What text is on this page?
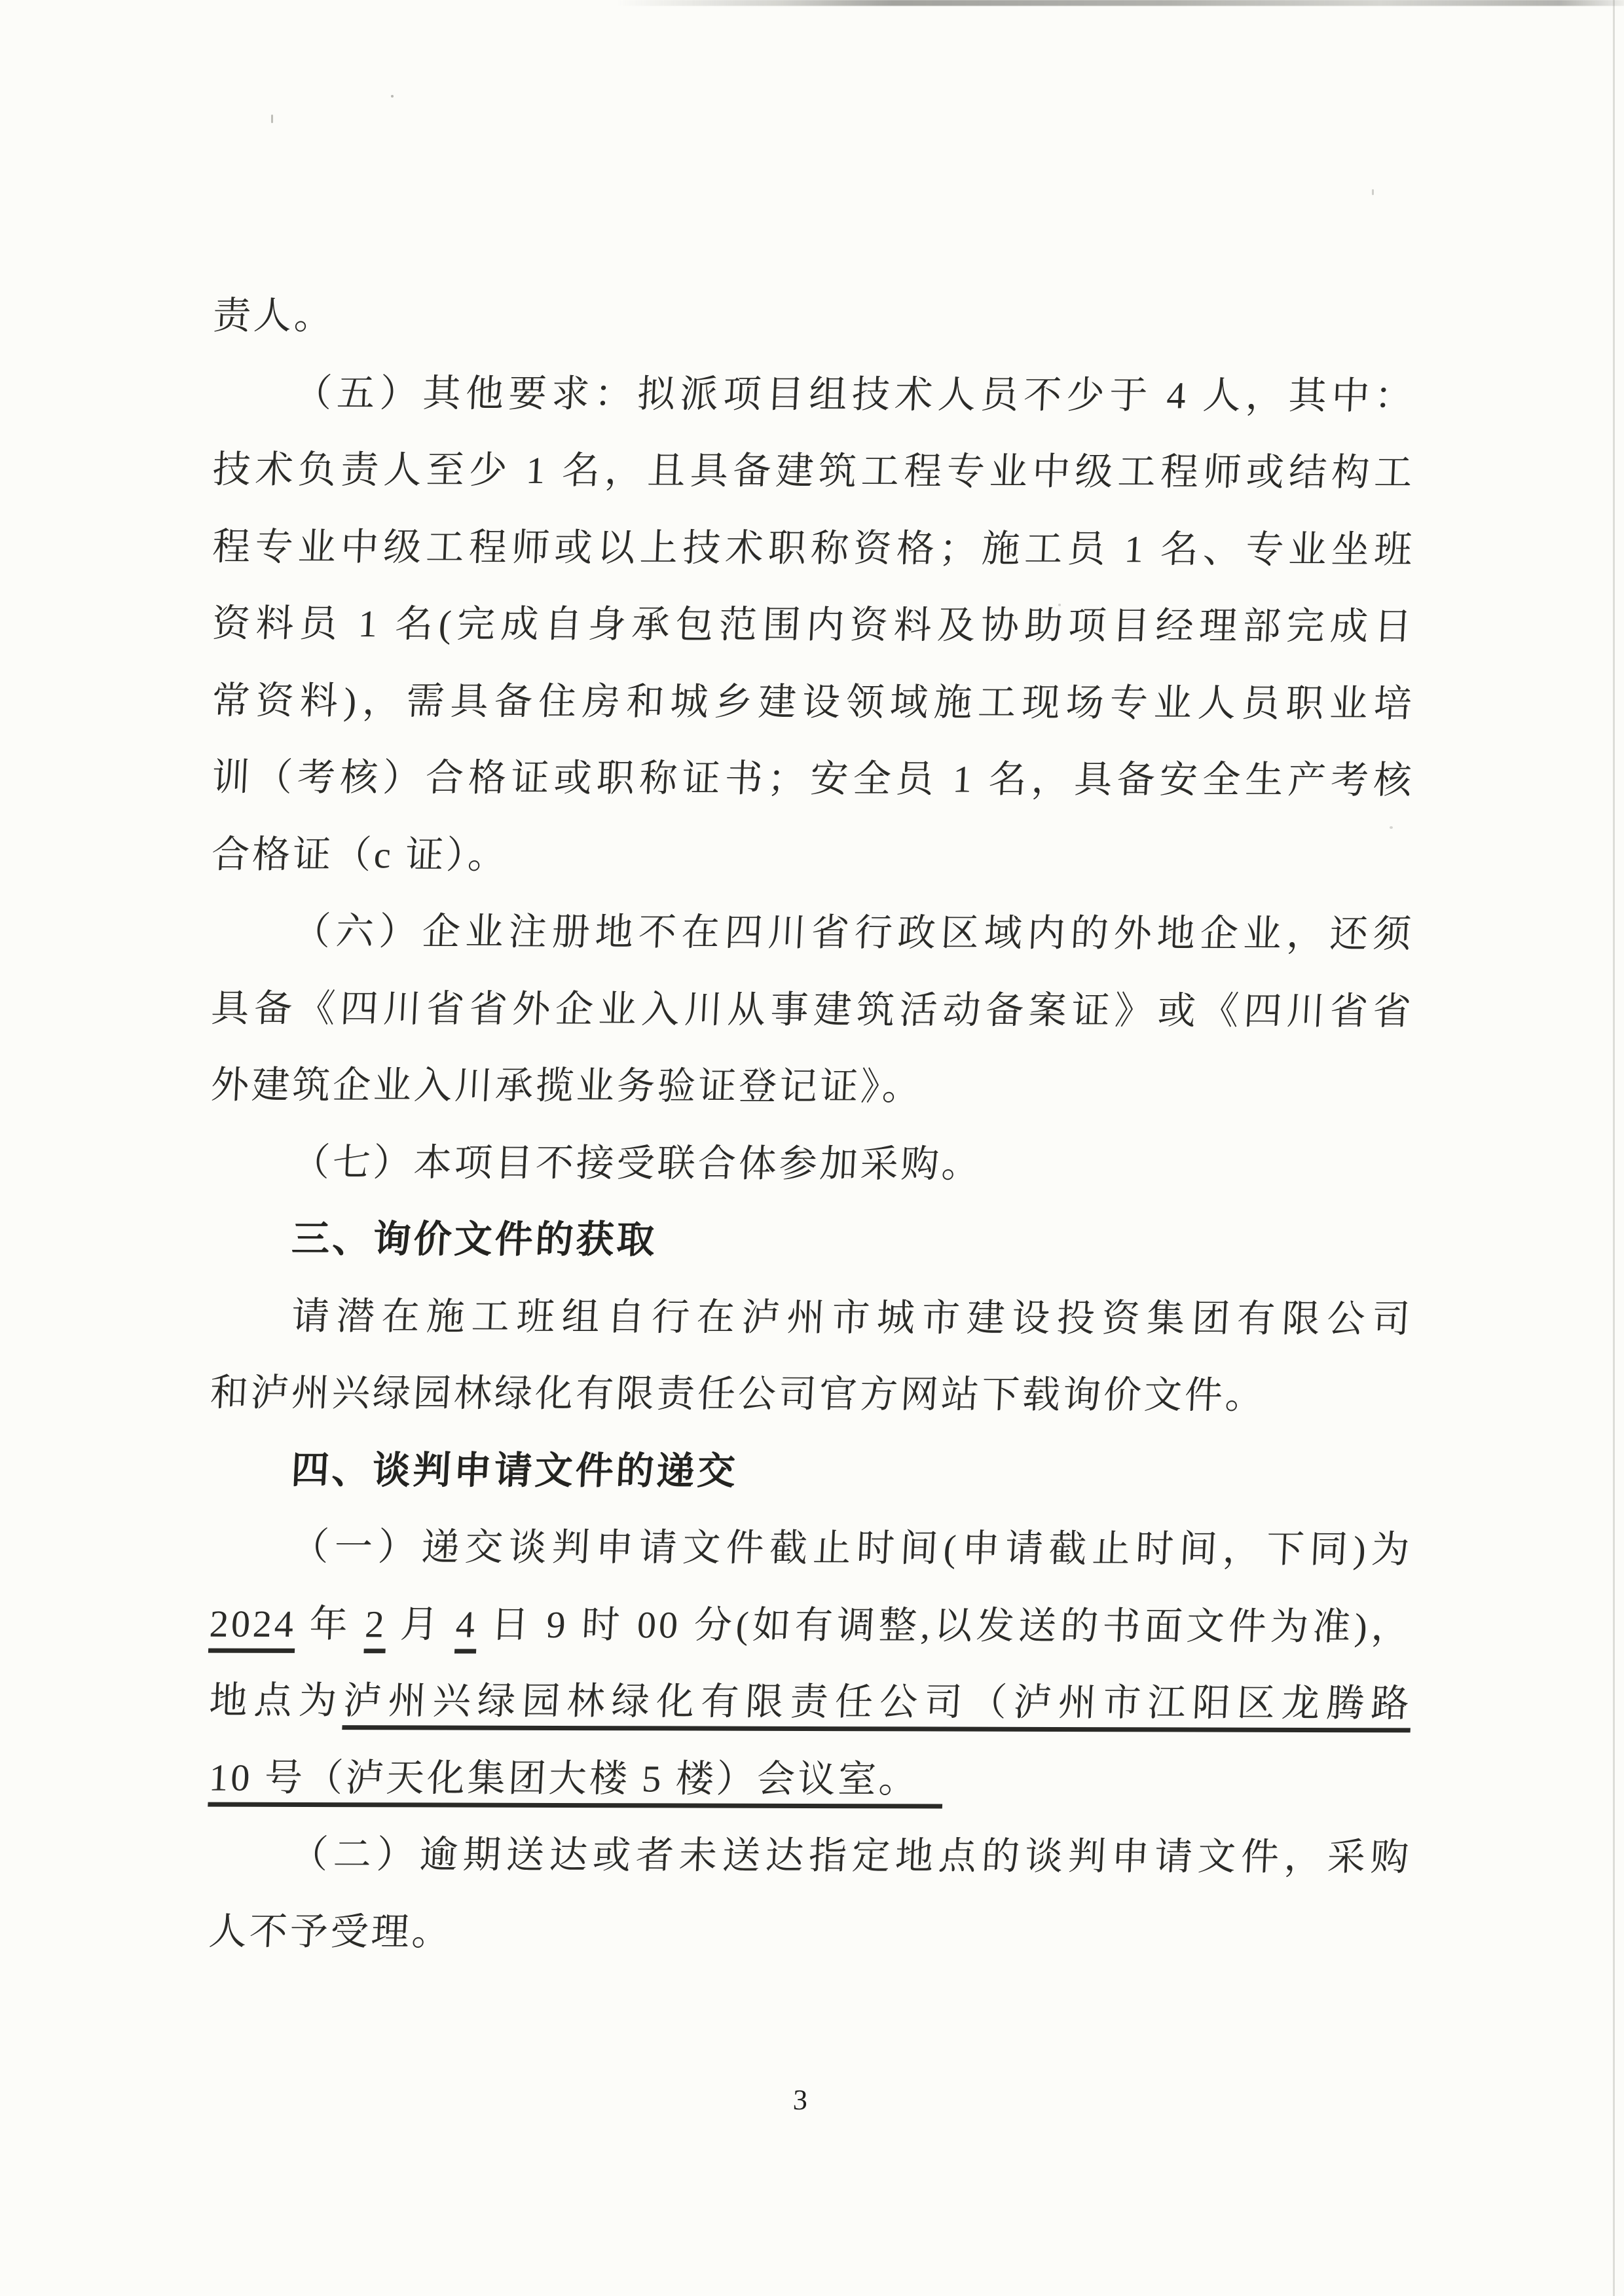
责人。
（五）其他要求：拟派项目组技术人员不少于 4 人，其中：
技术负责人至少 1 名，且具备建筑工程专业中级工程师或结构工
程专业中级工程师或以上技术职称资格；施工员 1 名、专业坐班
资料员 1 名(完成自身承包范围内资料及协助项目经理部完成日
常资料)，需具备住房和城乡建设领域施工现场专业人员职业培
训（考核）合格证或职称证书；安全员 1 名，具备安全生产考核
合格证（c 证）。
（六）企业注册地不在四川省行政区域内的外地企业，还须
具备《四川省省外企业入川从事建筑活动备案证》或《四川省省
外建筑企业入川承揽业务验证登记证》。
（七）本项目不接受联合体参加采购。
三、询价文件的获取
请潜在施工班组自行在泸州市城市建设投资集团有限公司
和泸州兴绿园林绿化有限责任公司官方网站下载询价文件。
四、谈判申请文件的递交
（一）递交谈判申请文件截止时间(申请截止时间，下同)为
2024 年 2 月 4 日 9 时 00 分(如有调整,以发送的书面文件为准)，
地点为泸州兴绿园林绿化有限责任公司（泸州市江阳区龙腾路
10 号（泸天化集团大楼 5 楼）会议室。
（二）逾期送达或者未送达指定地点的谈判申请文件，采购
人不予受理。
3
